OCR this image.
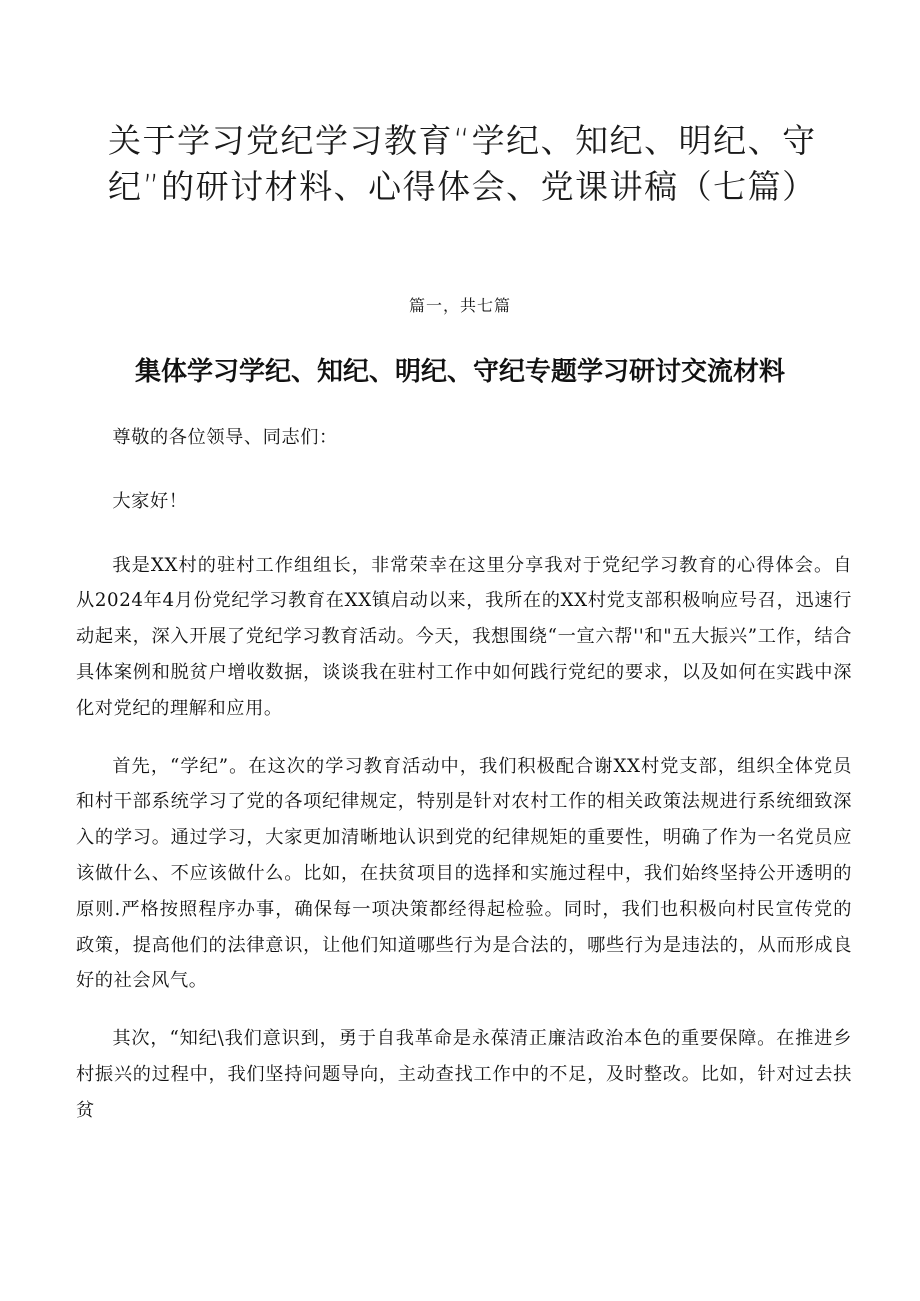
关于学习党纪学习教育“学纪、知纪、明纪、守纪”的研讨材料、心得体会、党课讲稿（七篇）

篇一，共七篇

集体学习学纪、知纪、明纪、守纪专题学习研讨交流材料

尊敬的各位领导、同志们：

大家好！

我是XX村的驻村工作组组长，非常荣幸在这里分享我对于党纪学习教育的心得体会。自从2024年4月份党纪学习教育在XX镇启动以来，我所在的XX村党支部积极响应号召，迅速行动起来，深入开展了党纪学习教育活动。今天，我想围绕“一宣六帮''和"五大振兴”工作，结合具体案例和脱贫户增收数据，谈谈我在驻村工作中如何践行党纪的要求，以及如何在实践中深化对党纪的理解和应用。

首先，“学纪”。在这次的学习教育活动中，我们积极配合谢XX村党支部，组织全体党员和村干部系统学习了党的各项纪律规定，特别是针对农村工作的相关政策法规进行系统细致深入的学习。通过学习，大家更加清晰地认识到党的纪律规矩的重要性，明确了作为一名党员应该做什么、不应该做什么。比如，在扶贫项目的选择和实施过程中，我们始终坚持公开透明的原则.严格按照程序办事，确保每一项决策都经得起检验。同时，我们也积极向村民宣传党的政策，提高他们的法律意识，让他们知道哪些行为是合法的，哪些行为是违法的，从而形成良好的社会风气。

其次，“知纪\我们意识到，勇于自我革命是永葆清正廉洁政治本色的重要保障。在推进乡村振兴的过程中，我们坚持问题导向，主动查找工作中的不足，及时整改。比如，针对过去扶贫
